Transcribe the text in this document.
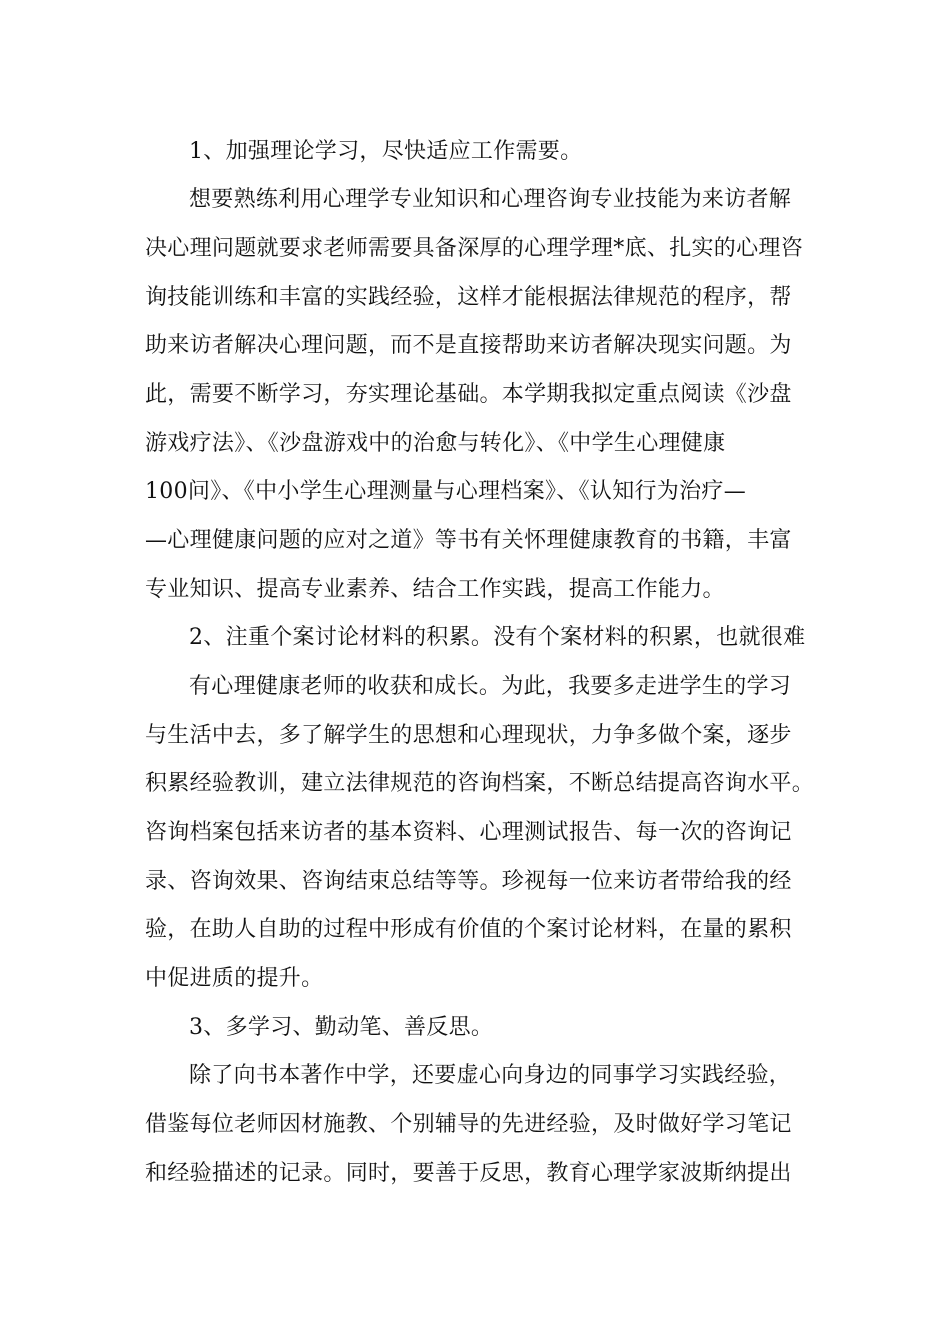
1、加强理论学习，尽快适应工作需要。

想要熟练利用心理学专业知识和心理咨询专业技能为来访者解

决心理问题就要求老师需要具备深厚的心理学理*底、扎实的心理咨

询技能训练和丰富的实践经验，这样才能根据法律规范的程序，帮

助来访者解决心理问题，而不是直接帮助来访者解决现实问题。为

此，需要不断学习，夯实理论基础。本学期我拟定重点阅读《沙盘

游戏疗法》、《沙盘游戏中的治愈与转化》、《中学生心理健康

100问》、《中小学生心理测量与心理档案》、《认知行为治疗—

—心理健康问题的应对之道》等书有关怀理健康教育的书籍，丰富

专业知识、提高专业素养、结合工作实践，提高工作能力。

2、注重个案讨论材料的积累。没有个案材料的积累，也就很难

有心理健康老师的收获和成长。为此，我要多走进学生的学习

与生活中去，多了解学生的思想和心理现状，力争多做个案，逐步

积累经验教训，建立法律规范的咨询档案，不断总结提高咨询水平。

咨询档案包括来访者的基本资料、心理测试报告、每一次的咨询记

录、咨询效果、咨询结束总结等等。珍视每一位来访者带给我的经

验，在助人自助的过程中形成有价值的个案讨论材料，在量的累积

中促进质的提升。

3、多学习、勤动笔、善反思。

除了向书本著作中学，还要虚心向身边的同事学习实践经验，

借鉴每位老师因材施教、个别辅导的先进经验，及时做好学习笔记

和经验描述的记录。同时，要善于反思，教育心理学家波斯纳提出
